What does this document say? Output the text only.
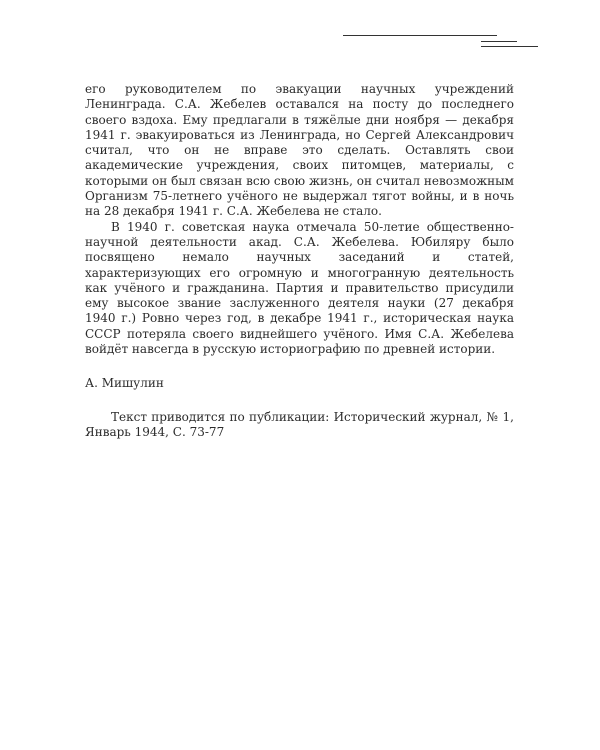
его руководителем по эвакуации научных учреждений Ленинграда. С.А. Жебелев оставался на посту до последнего своего вздоха. Ему предлагали в тяжёлые дни ноября — декабря 1941 г. эвакуироваться из Ленинграда, но Сергей Александрович считал, что он не вправе это сделать. Оставлять свои академические учреждения, своих питомцев, материалы, с которыми он был связан всю свою жизнь, он считал невозможным Организм 75-летнего учёного не выдержал тягот войны, и в ночь на 28 декабря 1941 г. С.А. Жебелева не стало.

В 1940 г. советская наука отмечала 50-летие общественно-научной деятельности акад. С.А. Жебелева. Юбиляру было посвящено немало научных заседаний и статей, характеризующих его огромную и многогранную деятельность как учёного и гражданина. Партия и правительство присудили ему высокое звание заслуженного деятеля науки (27 декабря 1940 г.) Ровно через год, в декабре 1941 г., историческая наука СССР потеряла своего виднейшего учёного. Имя С.А. Жебелева войдёт навсегда в русскую историографию по древней истории.

А. Мишулин

Текст приводится по публикации: Исторический журнал, № 1, Январь 1944, С. 73-77
